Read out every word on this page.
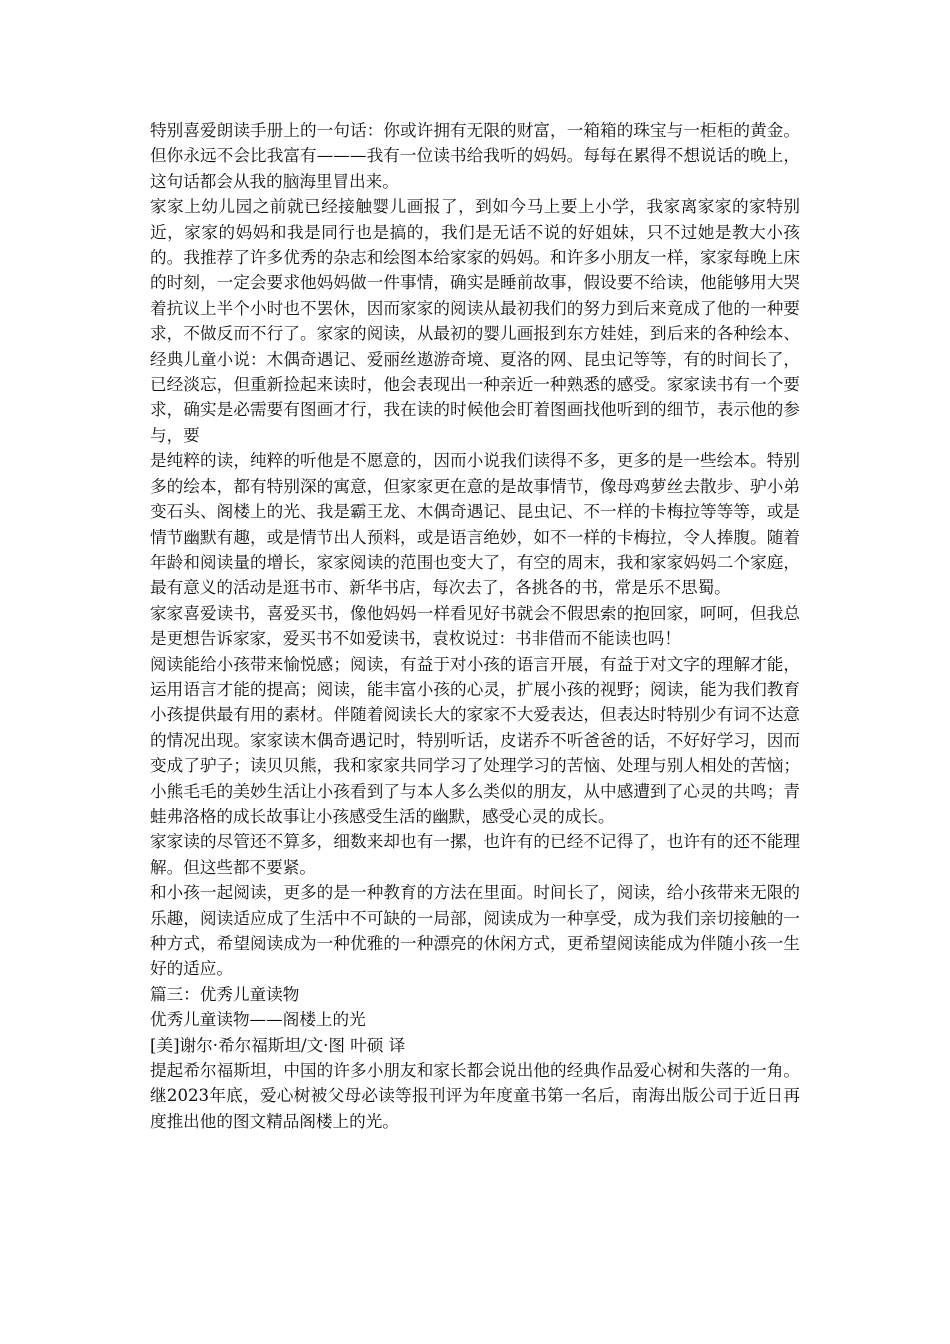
特别喜爱朗读手册上的一句话：你或许拥有无限的财富，一箱箱的珠宝与一柜柜的黄金。但你永远不会比我富有———我有一位读书给我听的妈妈。每每在累得不想说话的晚上，这句话都会从我的脑海里冒出来。

家家上幼儿园之前就已经接触婴儿画报了，到如今马上要上小学，我家离家家的家特别近，家家的妈妈和我是同行也是搞的，我们是无话不说的好姐妹，只不过她是教大小孩的。我推荐了许多优秀的杂志和绘图本给家家的妈妈。和许多小朋友一样，家家每晚上床的时刻，一定会要求他妈妈做一件事情，确实是睡前故事，假设要不给读，他能够用大哭着抗议上半个小时也不罢休，因而家家的阅读从最初我们的努力到后来竟成了他的一种要求，不做反而不行了。家家的阅读，从最初的婴儿画报到东方娃娃，到后来的各种绘本、经典儿童小说：木偶奇遇记、爱丽丝遨游奇境、夏洛的网、昆虫记等等，有的时间长了，已经淡忘，但重新捡起来读时，他会表现出一种亲近一种熟悉的感受。家家读书有一个要求，确实是必需要有图画才行，我在读的时候他会盯着图画找他听到的细节，表示他的参与，要

是纯粹的读，纯粹的听他是不愿意的，因而小说我们读得不多，更多的是一些绘本。特别多的绘本，都有特别深的寓意，但家家更在意的是故事情节，像母鸡萝丝去散步、驴小弟变石头、阁楼上的光、我是霸王龙、木偶奇遇记、昆虫记、不一样的卡梅拉等等等，或是情节幽默有趣，或是情节出人预料，或是语言绝妙，如不一样的卡梅拉，令人捧腹。随着年龄和阅读量的增长，家家阅读的范围也变大了，有空的周末，我和家家妈妈二个家庭，最有意义的活动是逛书市、新华书店，每次去了，各挑各的书，常是乐不思蜀。

家家喜爱读书，喜爱买书，像他妈妈一样看见好书就会不假思索的抱回家，呵呵，但我总是更想告诉家家，爱买书不如爱读书，袁枚说过：书非借而不能读也吗！

阅读能给小孩带来愉悦感；阅读，有益于对小孩的语言开展，有益于对文字的理解才能，运用语言才能的提高；阅读，能丰富小孩的心灵，扩展小孩的视野；阅读，能为我们教育小孩提供最有用的素材。伴随着阅读长大的家家不大爱表达，但表达时特别少有词不达意的情况出现。家家读木偶奇遇记时，特别听话，皮诺乔不听爸爸的话，不好好学习，因而变成了驴子；读贝贝熊，我和家家共同学习了处理学习的苦恼、处理与别人相处的苦恼；小熊毛毛的美妙生活让小孩看到了与本人多么类似的朋友，从中感遭到了心灵的共鸣；青蛙弗洛格的成长故事让小孩感受生活的幽默，感受心灵的成长。

家家读的尽管还不算多，细数来却也有一摞，也许有的已经不记得了，也许有的还不能理解。但这些都不要紧。

和小孩一起阅读，更多的是一种教育的方法在里面。时间长了，阅读，给小孩带来无限的乐趣，阅读适应成了生活中不可缺的一局部，阅读成为一种享受，成为我们亲切接触的一种方式，希望阅读成为一种优雅的一种漂亮的休闲方式，更希望阅读能成为伴随小孩一生好的适应。

篇三：优秀儿童读物

优秀儿童读物——阁楼上的光

[美]谢尔·希尔福斯坦/文·图 叶硕 译

提起希尔福斯坦，中国的许多小朋友和家长都会说出他的经典作品爱心树和失落的一角。继2023年底，爱心树被父母必读等报刊评为年度童书第一名后，南海出版公司于近日再度推出他的图文精品阁楼上的光。
